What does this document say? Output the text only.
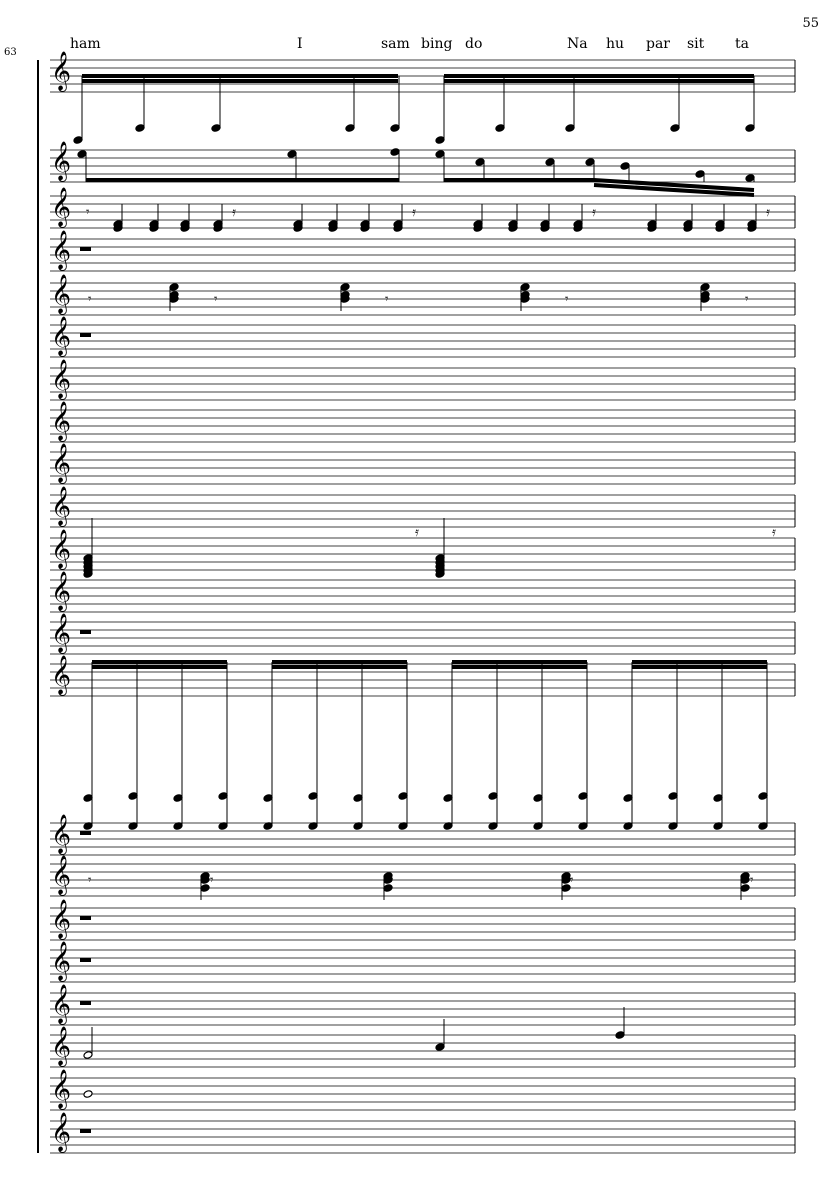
55
63
ham	I	sam bing do	Na hu par sit ta
𝄞
𝄞
𝄞
𝄞
𝄞
𝄞
𝄞
𝄞
𝄞
𝄞
𝄞
𝄞
𝄞
𝄞
𝄞
𝄞
𝄞
𝄞
𝄞
𝄞
𝄞
𝄞
𝄿	𝄿	𝄿	𝄿
𝄾
𝄾	𝄾	𝄾	𝄾
𝄾
𝄿	𝄿
𝄾	𝄾	𝄾	𝄾	𝄾
